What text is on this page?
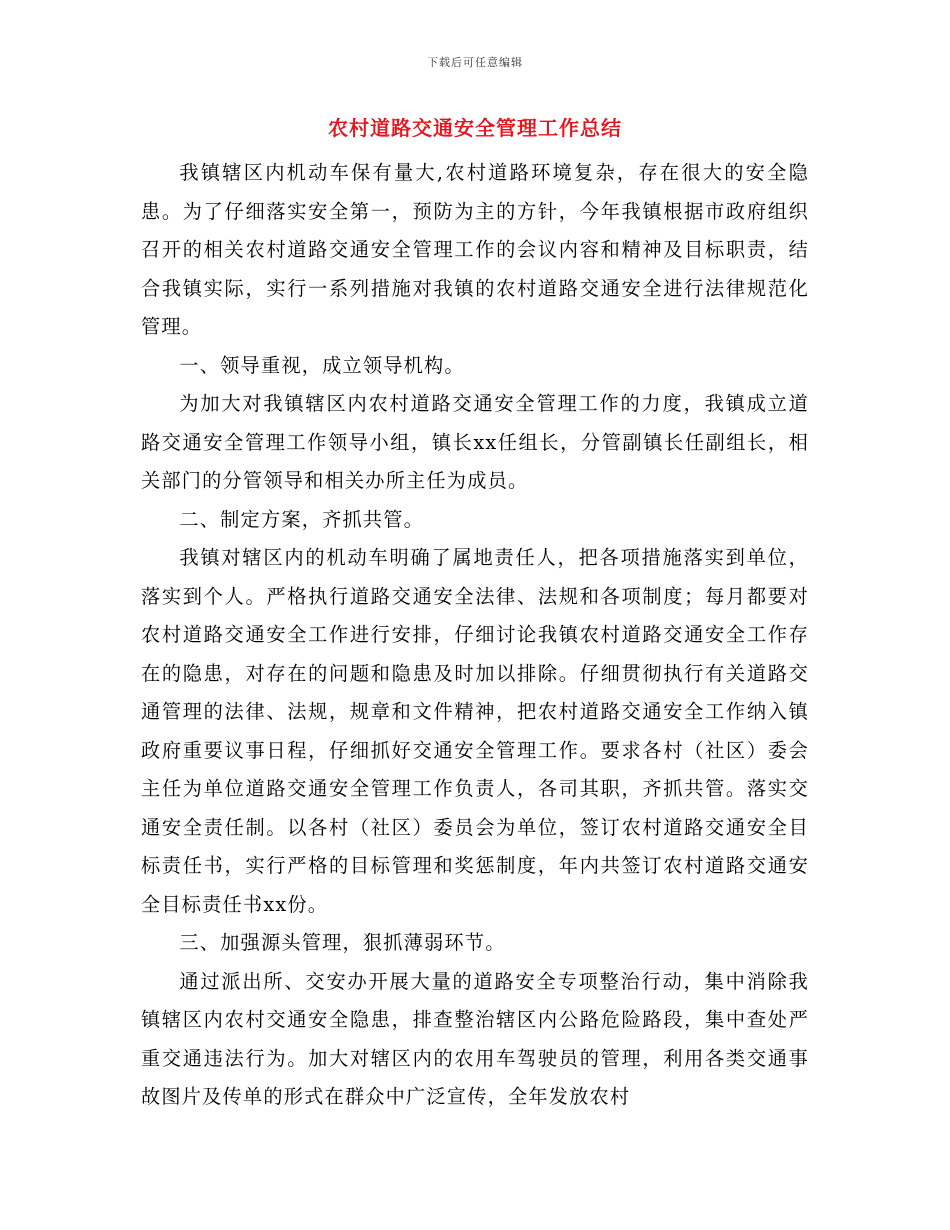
下载后可任意编辑
农村道路交通安全管理工作总结

我镇辖区内机动车保有量大,农村道路环境复杂，存在很大的安全隐患。为了仔细落实安全第一，预防为主的方针，今年我镇根据市政府组织召开的相关农村道路交通安全管理工作的会议内容和精神及目标职责，结合我镇实际，实行一系列措施对我镇的农村道路交通安全进行法律规范化管理。

一、领导重视，成立领导机构。

为加大对我镇辖区内农村道路交通安全管理工作的力度，我镇成立道路交通安全管理工作领导小组，镇长xx任组长，分管副镇长任副组长，相关部门的分管领导和相关办所主任为成员。

二、制定方案，齐抓共管。

我镇对辖区内的机动车明确了属地责任人，把各项措施落实到单位，落实到个人。严格执行道路交通安全法律、法规和各项制度；每月都要对农村道路交通安全工作进行安排，仔细讨论我镇农村道路交通安全工作存在的隐患，对存在的问题和隐患及时加以排除。仔细贯彻执行有关道路交通管理的法律、法规，规章和文件精神，把农村道路交通安全工作纳入镇政府重要议事日程，仔细抓好交通安全管理工作。要求各村（社区）委会主任为单位道路交通安全管理工作负责人，各司其职，齐抓共管。落实交通安全责任制。以各村（社区）委员会为单位，签订农村道路交通安全目标责任书，实行严格的目标管理和奖惩制度，年内共签订农村道路交通安全目标责任书xx份。

三、加强源头管理，狠抓薄弱环节。

通过派出所、交安办开展大量的道路安全专项整治行动，集中消除我镇辖区内农村交通安全隐患，排查整治辖区内公路危险路段，集中查处严重交通违法行为。加大对辖区内的农用车驾驶员的管理，利用各类交通事故图片及传单的形式在群众中广泛宣传，全年发放农村
